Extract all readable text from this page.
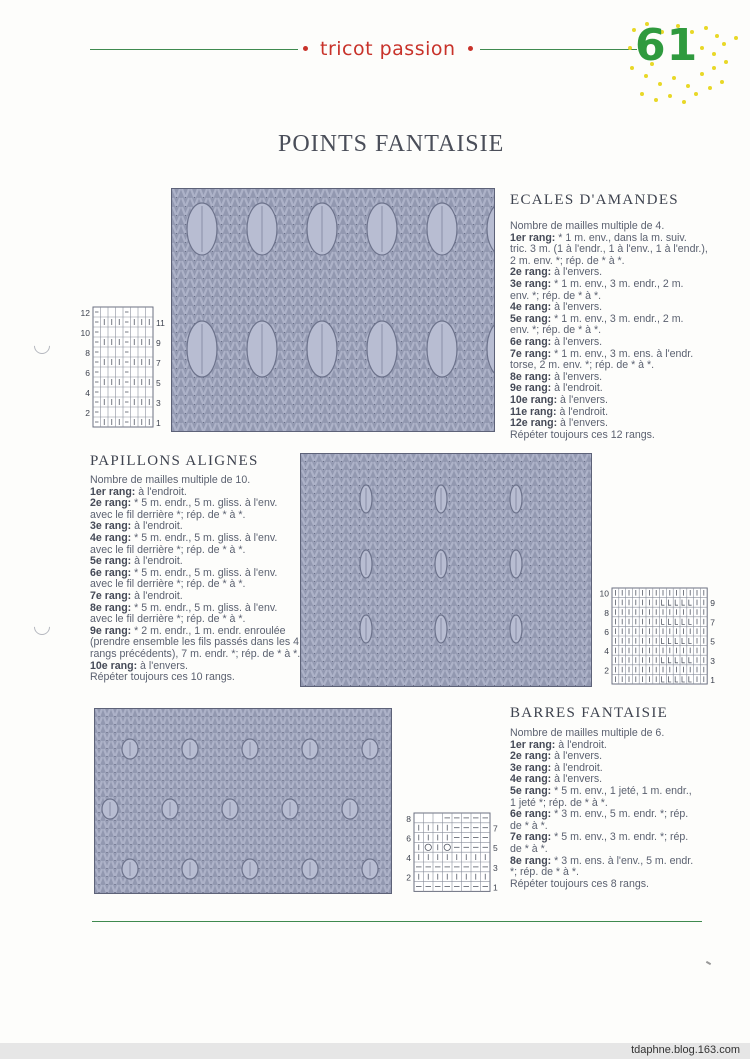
tricot passion	61
POINTS FANTAISIE
ECALES D'AMANDES
Nombre de mailles multiple de 4.
1er rang: * 1 m. env., dans la m. suiv.
tric. 3 m. (1 à l'endr., 1 à l'env., 1 à l'endr.),
2 m. env. *; rép. de * à *.
2e rang: à l'envers.
3e rang: * 1 m. env., 3 m. endr., 2 m.
env. *; rép. de * à *.
4e rang: à l'envers.
5e rang: * 1 m. env., 3 m. endr., 2 m.
env. *; rép. de * à *.
6e rang: à l'envers.
7e rang: * 1 m. env., 3 m. ens. à l'endr.
torse, 2 m. env. *; rép. de * à *.
8e rang: à l'envers.
9e rang: à l'endroit.
10e rang: à l'envers.
11e rang: à l'endroit.
12e rang: à l'envers.
Répéter toujours ces 12 rangs.
12
10
8
6
4
2
11
9
7
5
3
1
PAPILLONS ALIGNES
Nombre de mailles multiple de 10.
1er rang: à l'endroit.
2e rang: * 5 m. endr., 5 m. gliss. à l'env.
avec le fil derrière *; rép. de * à *.
3e rang: à l'endroit.
4e rang: * 5 m. endr., 5 m. gliss. à l'env.
avec le fil derrière *; rép. de * à *.
5e rang: à l'endroit.
6e rang: * 5 m. endr., 5 m. gliss. à l'env.
avec le fil derrière *; rép. de * à *.
7e rang: à l'endroit.
8e rang: * 5 m. endr., 5 m. gliss. à l'env.
avec le fil derrière *; rép. de * à *.
9e rang: * 2 m. endr., 1 m. endr. enroulée
(prendre ensemble les fils passés dans les 4
rangs précédents), 7 m. endr. *; rép. de * à *.
10e rang: à l'envers.
Répéter toujours ces 10 rangs.
10
8
6
4
2
9
7
5
3
1
BARRES FANTAISIE
Nombre de mailles multiple de 6.
1er rang: à l'endroit.
2e rang: à l'envers.
3e rang: à l'endroit.
4e rang: à l'envers.
5e rang: * 5 m. env., 1 jeté, 1 m. endr.,
1 jeté *; rép. de * à *.
6e rang: * 3 m. env., 5 m. endr. *; rép.
de * à *.
7e rang: * 5 m. env., 3 m. endr. *; rép.
de * à *.
8e rang: * 3 m. ens. à l'env., 5 m. endr.
*; rép. de * à *.
Répéter toujours ces 8 rangs.
8
6
4
2
7
5
3
1
tdaphne.blog.163.com
